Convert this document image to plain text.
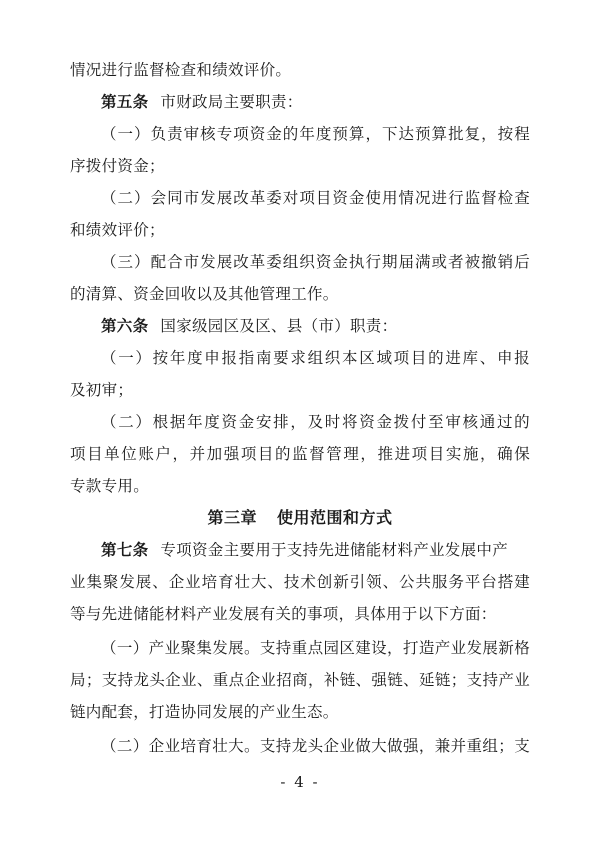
情况进行监督检查和绩效评价。
第五条 市财政局主要职责：
（一）负责审核专项资金的年度预算，下达预算批复，按程
序拨付资金；
（二）会同市发展改革委对项目资金使用情况进行监督检查
和绩效评价；
（三）配合市发展改革委组织资金执行期届满或者被撤销后
的清算、资金回收以及其他管理工作。
第六条 国家级园区及区、县（市）职责：
（一）按年度申报指南要求组织本区域项目的进库、申报
及初审；
（二）根据年度资金安排，及时将资金拨付至审核通过的
项目单位账户，并加强项目的监督管理，推进项目实施，确保
专款专用。
第三章 使用范围和方式
第七条 专项资金主要用于支持先进储能材料产业发展中产
业集聚发展、企业培育壮大、技术创新引领、公共服务平台搭建
等与先进储能材料产业发展有关的事项，具体用于以下方面：
（一）产业聚集发展。支持重点园区建设，打造产业发展新格
局；支持龙头企业、重点企业招商，补链、强链、延链；支持产业
链内配套，打造协同发展的产业生态。
- 4 -
（二）企业培育壮大。支持龙头企业做大做强，兼并重组；支
